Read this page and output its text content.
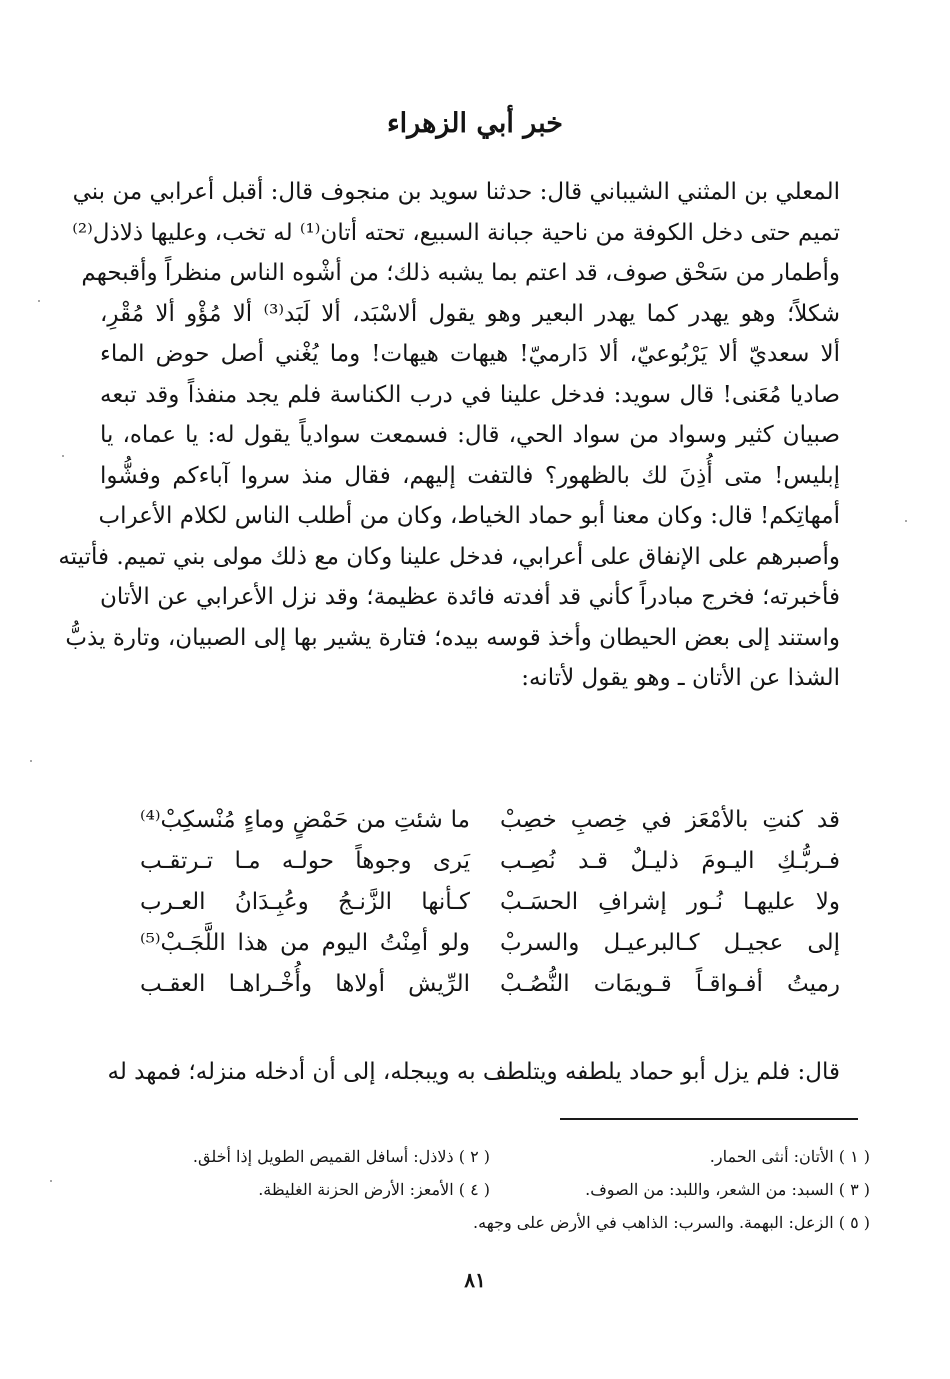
خبر أبي الزهراء
المعلي بن المثني الشيباني قال: حدثنا سويد بن منجوف قال: أقبل أعرابي من بني
تميم حتى دخل الكوفة من ناحية جبانة السبيع، تحته أتان⁽¹⁾ له تخب، وعليها ذلاذل⁽²⁾
وأطمار من سَحْق صوف، قد اعتم بما يشبه ذلك؛ من أشْوه الناس منظراً وأقبحهم
شكلاً؛ وهو يهدر كما يهدر البعير وهو يقول ألاسْبَد، ألا لَبَد⁽³⁾ ألا مُؤْو ألا مُقْرِ،
ألا سعديّ ألا يَرْبُوعيّ، ألا دَارميّ! هيهات هيهات! وما يُغْني أصل حوض الماء
صاديا مُعَنى! قال سويد: فدخل علينا في درب الكناسة فلم يجد منفذاً وقد تبعه
صبيان كثير وسواد من سواد الحي، قال: فسمعت سوادياً يقول له: يا عماه، يا
إبليس! متى أُذِنَ لك بالظهور؟ فالتفت إليهم، فقال منذ سروا آباءكم وفشُّوا
أمهاتِكم! قال: وكان معنا أبو حماد الخياط، وكان من أطلب الناس لكلام الأعراب
وأصبرهم على الإنفاق على أعرابي، فدخل علينا وكان مع ذلك مولى بني تميم. فأتيته
فأخبرته؛ فخرج مبادراً كأني قد أفدته فائدة عظيمة؛ وقد نزل الأعرابي عن الأتان
واستند إلى بعض الحيطان وأخذ قوسه بيده؛ فتارة يشير بها إلى الصبيان، وتارة يذبُّ
الشذا عن الأتان ـ وهو يقول لأتانه:
قد كنتِ بالأمْعَز في خِصبِ خصِبْ
ما شئتِ من حَمْضٍ وماءٍ مُنْسكِبْ⁽⁴⁾
فـربُّـكِ اليـومَ ذليـلٌ قـد نُصِـب
يَرى وجوهاً حولـه مـا تـرتقـب
ولا عليهـا نُـور إشرافِ الحسَـبْ
كـأنها الزَّنـجُ وعُبِـدَانُ العـرب
إلى عجيـل كـالبرعيـل والسربْ
ولو أمِنْتُ اليوم من هذا اللَّجَـبْ⁽⁵⁾
رميتُ أفـواقـاً قـويمَات النُّصُـبْ
الرِّيش أولاها وأُخْـراهـا العقـب

قال: فلم يزل أبو حماد يلطفه ويتلطف به ويبجله، إلى أن أدخله منزله؛ فمهد له

( ١ ) الأتان: أنثى الحمار.
( ٢ ) ذلاذل: أسافل القميص الطويل إذا أخلق.
( ٣ ) السبد: من الشعر، واللبد: من الصوف.
( ٤ ) الأمعز: الأرض الحزنة الغليظة.
( ٥ ) الزعل: البهمة. والسرب: الذاهب في الأرض على وجهه.
٨١
